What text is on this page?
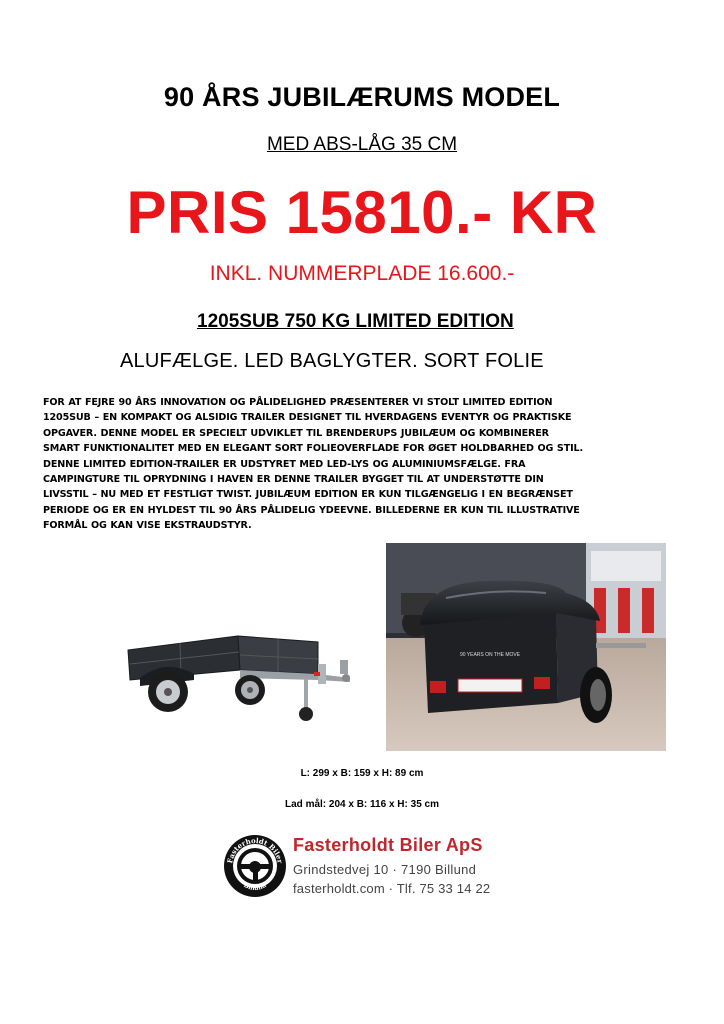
90 ÅRS JUBILÆRUMS MODEL
MED ABS-LÅG 35 CM
PRIS 15810.- KR
INKL. NUMMERPLADE 16.600.-
1205SUB 750 KG LIMITED EDITION
ALUFÆLGE. LED BAGLYGTER. SORT FOLIE
FOR AT FEJRE 90 ÅRS INNOVATION OG PÅLIDELIGHED PRÆSENTERER VI STOLT LIMITED EDITION
1205SUB – EN KOMPAKT OG ALSIDIG TRAILER DESIGNET TIL HVERDAGENS EVENTYR OG PRAKTISKE
OPGAVER. DENNE MODEL ER SPECIELT UDVIKLET TIL BRENDERUPS JUBILÆUM OG KOMBINERER
SMART FUNKTIONALITET MED EN ELEGANT SORT FOLIEOVERFLADE FOR ØGET HOLDBARHED OG STIL.
DENNE LIMITED EDITION-TRAILER ER UDSTYRET MED LED-LYS OG ALUMINIUMSFÆLGE. FRA
CAMPINGTURE TIL OPRYDNING I HAVEN ER DENNE TRAILER BYGGET TIL AT UNDERSTØTTE DIN
LIVSSTIL – NU MED ET FESTLIGT TWIST. JUBILÆUM EDITION ER KUN TILGÆNGELIG I EN BEGRÆNSET
PERIODE OG ER EN HYLDEST TIL 90 ÅRS PÅLIDELIG YDEEVNE. BILLEDERNE ER KUN TIL ILLUSTRATIVE
FORMÅL OG KAN VISE EKSTRAUDSTYR.
90 YEARS ON THE MOVE
L: 299 x B: 159 x H: 89 cm
Lad mål: 204 x B: 116 x H: 35 cm
Fasterholdt Biler
Billund
Fasterholdt Biler ApS
Grindstedvej 10 · 7190 Billund
fasterholdt.com · Tlf. 75 33 14 22
